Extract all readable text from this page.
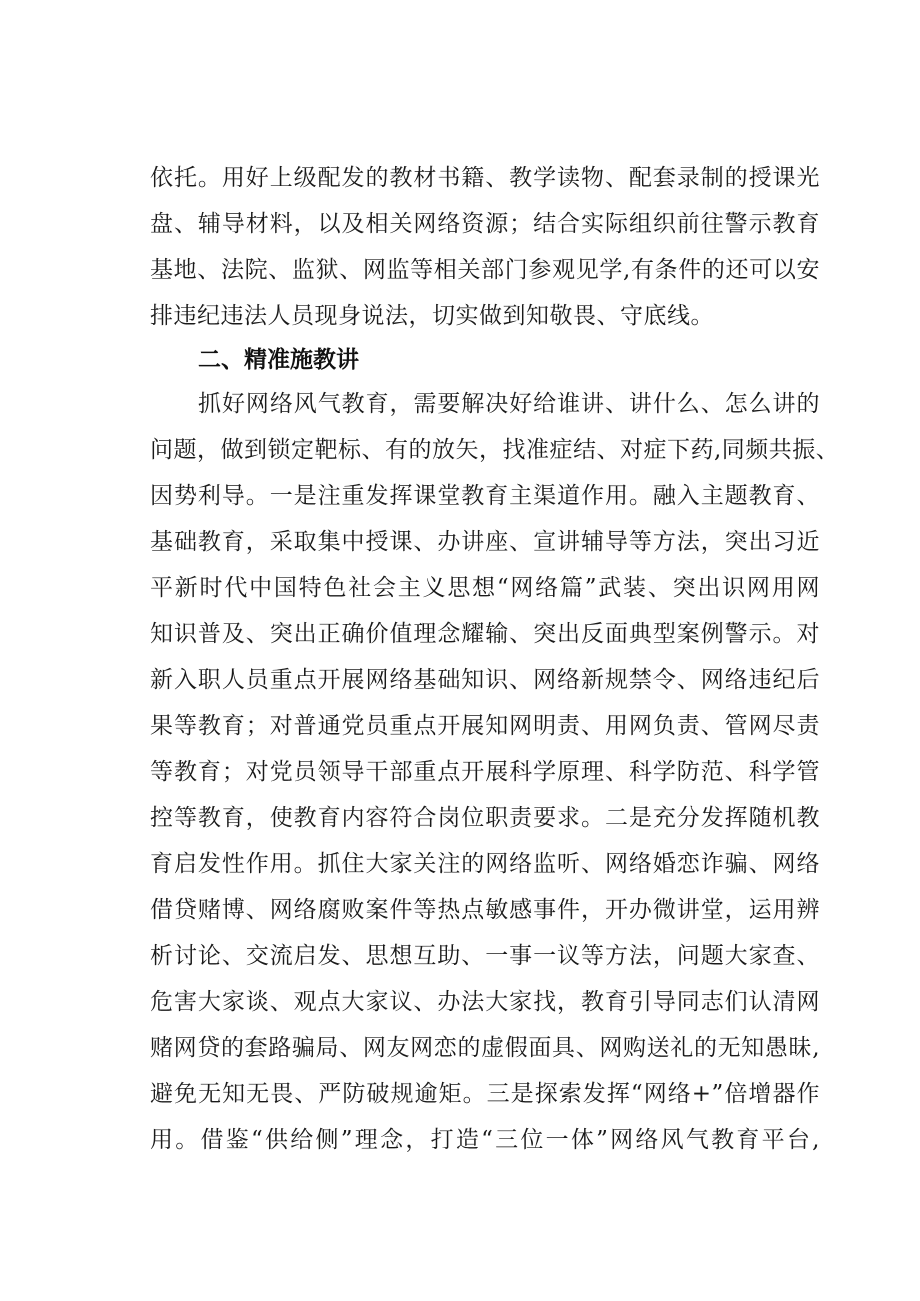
依托。用好上级配发的教材书籍、教学读物、配套录制的授课光
盘、辅导材料，以及相关网络资源；结合实际组织前往警示教育
基地、法院、监狱、网监等相关部门参观见学,有条件的还可以安
排违纪违法人员现身说法，切实做到知敬畏、守底线。
二、精准施教讲
抓好网络风气教育，需要解决好给谁讲、讲什么、怎么讲的
问题，做到锁定靶标、有的放矢，找准症结、对症下药,同频共振、
因势利导。一是注重发挥课堂教育主渠道作用。融入主题教育、
基础教育，采取集中授课、办讲座、宣讲辅导等方法，突出习近
平新时代中国特色社会主义思想“网络篇”武装、突出识网用网
知识普及、突出正确价值理念耀输、突出反面典型案例警示。对
新入职人员重点开展网络基础知识、网络新规禁令、网络违纪后
果等教育；对普通党员重点开展知网明责、用网负责、管网尽责
等教育；对党员领导干部重点开展科学原理、科学防范、科学管
控等教育，使教育内容符合岗位职责要求。二是充分发挥随机教
育启发性作用。抓住大家关注的网络监听、网络婚恋诈骗、网络
借贷赌博、网络腐败案件等热点敏感事件，开办微讲堂，运用辨
析讨论、交流启发、思想互助、一事一议等方法，问题大家查、
危害大家谈、观点大家议、办法大家找，教育引导同志们认清网
赌网贷的套路骗局、网友网恋的虚假面具、网购送礼的无知愚昧,
避免无知无畏、严防破规逾矩。三是探索发挥“网络+”倍增器作
用。借鉴“供给侧”理念，打造“三位一体”网络风气教育平台,
